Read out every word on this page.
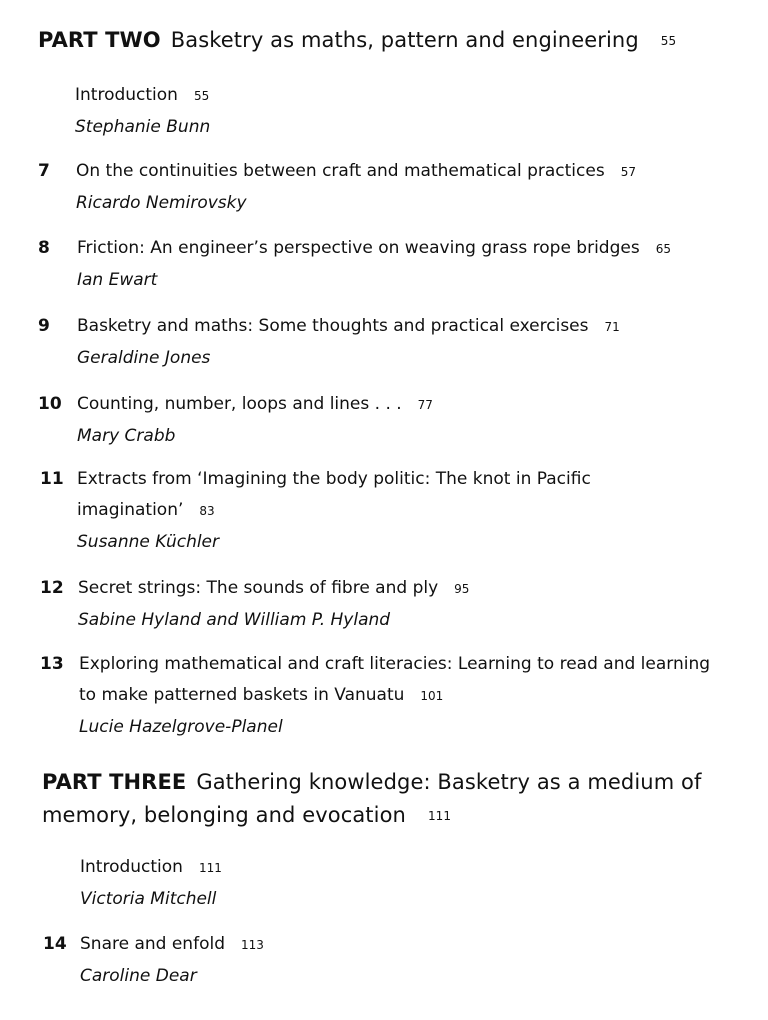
PART TWO Basketry as maths, pattern and engineering 55
Introduction 55
Stephanie Bunn
7 On the continuities between craft and mathematical practices 57
Ricardo Nemirovsky
8 Friction: An engineer’s perspective on weaving grass rope bridges 65
Ian Ewart
9 Basketry and maths: Some thoughts and practical exercises 71
Geraldine Jones
10 Counting, number, loops and lines . . . 77
Mary Crabb
11 Extracts from ‘Imagining the body politic: The knot in Pacific imagination’ 83
Susanne Küchler
12 Secret strings: The sounds of fibre and ply 95
Sabine Hyland and William P. Hyland
13 Exploring mathematical and craft literacies: Learning to read and learning to make patterned baskets in Vanuatu 101
Lucie Hazelgrove-Planel
PART THREE Gathering knowledge: Basketry as a medium of memory, belonging and evocation 111
Introduction 111
Victoria Mitchell
14 Snare and enfold 113
Caroline Dear
